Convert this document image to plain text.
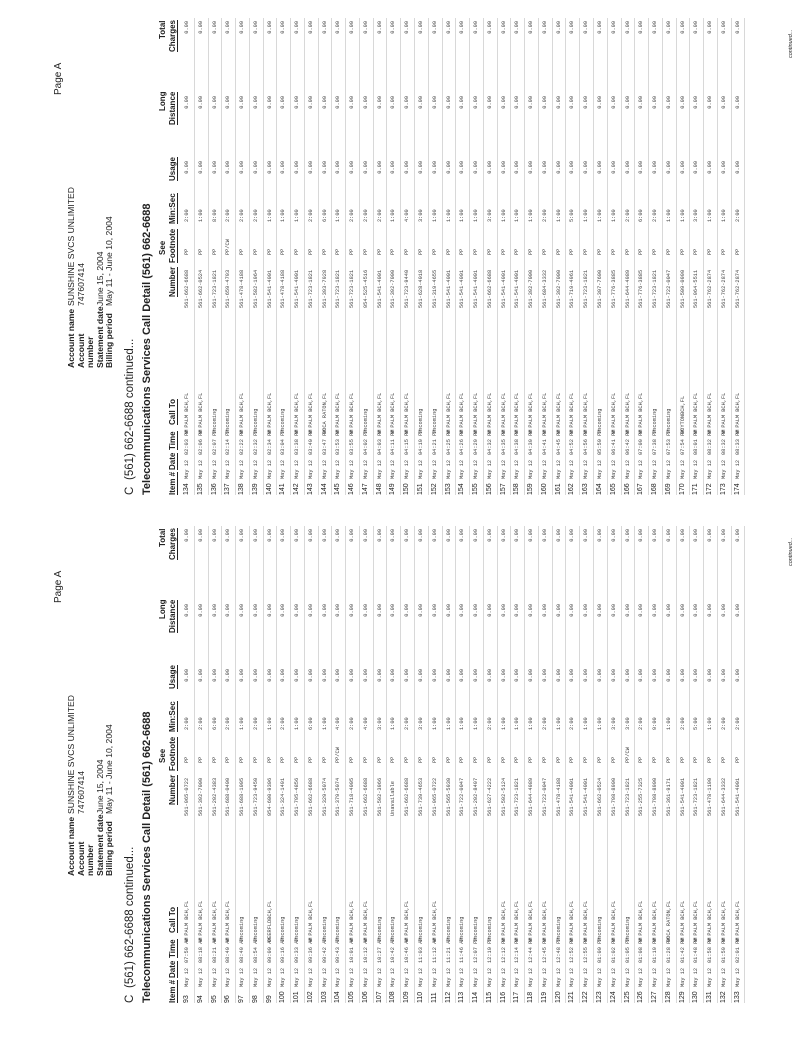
Page A
Account name
SUNSHINE SVCS UNLIMITED
Account number
747607414
Statement date
June 15, 2004
Billing period
May 11 - June 10, 2004
C(561) 662-6688 continued... Telecommunications Services Call Detail (561) 662-6688 See
Long
Total
Item #
Date
Time
Call To
Number
Footnote
Min:Sec
Usage
Distance
Charges
93
May 12
07:59 AM
W PALM BCH,FL
561-965-0722
PP
2:00
0.00
0.00
0.00
94
May 12
08:18 AM
W PALM BCH,FL
561-392-7000
PP
2:00
0.00
0.00
0.00
95
May 12
08:21 AM
W PALM BCH,FL
561-202-4383
PP
6:00
0.00
0.00
0.00
96
May 12
08:40 AM
W PALM BCH,FL
561-688-0400
PP
2:00
0.00
0.00
0.00
97
May 12
08:49 AM
Incoming
561-688-1005
PP
1:00
0.00
0.00
0.00
98
May 12
08:54 AM
Incoming
561-723-9450
PP
2:00
0.00
0.00
0.00
99
May 12
09:00 AM
DEERFLDBCH,FL
954-600-9306
PP
1:00
0.00
0.00
0.00
100
May 12
09:16 AM
Incoming
561-324-1491
PP
2:00
0.00
0.00
0.00
101
May 12
09:33 AM
Incoming
561-795-4856
PP
1:00
0.00
0.00
0.00
102
May 12
09:36 AM
W PALM BCH,FL
561-662-6688
PP
6:00
0.00
0.00
0.00
103
May 12
09:42 AM
Incoming
561-329-5074
PP
1:00
0.00
0.00
0.00
104
May 12
09:43 AM
Incoming
561-379-5074
PP/CW
4:00
0.00
0.00
0.00
105
May 12
10:01 AM
W PALM BCH,FL
561-718-4005
PP
2:00
0.00
0.00
0.00
106
May 12
10:12 AM
W PALM BCH,FL
561-662-6688
PP
4:00
0.00
0.00
0.00
107
May 12
10:27 AM
Incoming
561-502-3966
PP
3:00
0.00
0.00
0.00
108
May 12
10:42 AM
Incoming
Unavailable
PP
1:00
0.00
0.00
0.00
109
May 12
10:46 AM
W PALM BCH,FL
561-662-6688
PP
2:00
0.00
0.00
0.00
110
May 12
11:03 AM
Incoming
561-739-4653
PP
3:00
0.00
0.00
0.00
111
May 12
11:12 AM
W PALM BCH,FL
561-965-0722
PP
1:00
0.00
0.00
0.00
112
May 12
11:21 AM
Incoming
561-565-5930
PP
1:00
0.00
0.00
0.00
113
May 12
11:46 AM
Incoming
561-722-0047
PP
1:00
0.00
0.00
0.00
114
May 12
12:07 PM
Incoming
561-202-8497
PP
1:00
0.00
0.00
0.00
115
May 12
12:10 PM
Incoming
561-627-4222
PP
2:00
0.00
0.00
0.00
116
May 12
12:12 PM
W PALM BCH,FL
561-502-5124
PP
1:00
0.00
0.00
0.00
117
May 12
12:14 PM
W PALM BCH,FL
561-723-1821
PP
1:00
0.00
0.00
0.00
118
May 12
12:44 PM
W PALM BCH,FL
561-644-4989
PP
1:00
0.00
0.00
0.00
119
May 12
12:45 PM
W PALM BCH,FL
561-722-0047
PP
2:00
0.00
0.00
0.00
120
May 12
12:48 PM
Incoming
561-478-4188
PP
1:00
0.00
0.00
0.00
121
May 12
12:52 PM
W PALM BCH,FL
561-541-4001
PP
2:00
0.00
0.00
0.00
122
May 12
12:55 PM
W PALM BCH,FL
561-541-4001
PP
1:00
0.00
0.00
0.00
123
May 12
01:00 PM
Incoming
561-662-0524
PP
1:00
0.00
0.00
0.00
124
May 12
01:02 PM
W PALM BCH,FL
561-798-8900
PP
3:00
0.00
0.00
0.00
125
May 12
01:05 PM
Incoming
561-723-1821
PP/CW
3:00
0.00
0.00
0.00
126
May 12
01:08 PM
W PALM BCH,FL
561-255-7325
PP
2:00
0.00
0.00
0.00
127
May 12
01:19 PM
W PALM BCH,FL
561-798-8900
PP
9:00
0.00
0.00
0.00
128
May 12
01:28 PM
BOCA RATON,FL
561-361-9171
PP
1:00
0.00
0.00
0.00
129
May 12
01:42 PM
W PALM BCH,FL
561-541-4001
PP
2:00
0.00
0.00
0.00
130
May 12
01:48 PM
W PALM BCH,FL
561-723-1821
PP
5:00
0.00
0.00
0.00
131
May 12
01:58 PM
W PALM BCH,FL
561-478-1190
PP
1:00
0.00
0.00
0.00
132
May 12
01:59 PM
W PALM BCH,FL
561-644-3332
PP
2:00
0.00
0.00
0.00
133
May 12
02:01 PM
W PALM BCH,FL
561-541-4001
PP
2:00
0.00
0.00
0.00
continued...
Page A
Account name
SUNSHINE SVCS UNLIMITED
Account number
747607414
Statement date
June 15, 2004
Billing period
May 11 - June 10, 2004
C(561) 662-6688 continued... Telecommunications Services Call Detail (561) 662-6688 See
Long
Total
Item #
Date
Time
Call To
Number
Footnote
Min:Sec
Usage
Distance
Charges
134
May 12
02:03 PM
W PALM BCH,FL
561-662-6688
PP
2:00
0.00
0.00
0.00
135
May 12
02:06 PM
W PALM BCH,FL
561-662-0524
PP
1:00
0.00
0.00
0.00
136
May 12
02:07 PM
Incoming
561-723-1821
PP
8:00
0.00
0.00
0.00
137
May 12
02:14 PM
Incoming
561-659-4793
PP/CW
2:00
0.00
0.00
0.00
138
May 12
02:22 PM
W PALM BCH,FL
561-478-4188
PP
2:00
0.00
0.00
0.00
139
May 12
02:32 PM
Incoming
561-582-1964
PP
2:00
0.00
0.00
0.00
140
May 12
02:34 PM
W PALM BCH,FL
561-541-4001
PP
1:00
0.00
0.00
0.00
141
May 12
03:04 PM
Incoming
561-478-4188
PP
1:00
0.00
0.00
0.00
142
May 12
03:38 PM
W PALM BCH,FL
561-541-4001
PP
1:00
0.00
0.00
0.00
143
May 12
03:40 PM
W PALM BCH,FL
561-723-1821
PP
2:00
0.00
0.00
0.00
144
May 12
03:47 PM
BOCA RATON,FL
561-393-7928
PP
6:00
0.00
0.00
0.00
145
May 12
03:53 PM
W PALM BCH,FL
561-723-1821
PP
1:00
0.00
0.00
0.00
146
May 12
03:55 PM
W PALM BCH,FL
561-723-1821
PP
2:00
0.00
0.00
0.00
147
May 12
04:02 PM
Incoming
954-525-4516
PP
2:00
0.00
0.00
0.00
148
May 12
04:03 PM
W PALM BCH,FL
561-541-4001
PP
2:00
0.00
0.00
0.00
149
May 12
04:11 PM
W PALM BCH,FL
561-392-7000
PP
1:00
0.00
0.00
0.00
150
May 12
04:15 PM
W PALM BCH,FL
561-723-9440
PP
4:00
0.00
0.00
0.00
151
May 12
04:19 PM
Incoming
561-628-4018
PP
3:00
0.00
0.00
0.00
152
May 12
04:21 PM
Incoming
561-319-4655
PP
1:00
0.00
0.00
0.00
153
May 12
04:25 PM
W PALM BCH,FL
561-541-4001
PP
1:00
0.00
0.00
0.00
154
May 12
04:26 PM
W PALM BCH,FL
561-541-4001
PP
1:00
0.00
0.00
0.00
155
May 12
04:29 PM
W PALM BCH,FL
561-541-4001
PP
1:00
0.00
0.00
0.00
156
May 12
04:32 PM
W PALM BCH,FL
561-662-6688
PP
3:00
0.00
0.00
0.00
157
May 12
04:35 PM
W PALM BCH,FL
561-541-4001
PP
1:00
0.00
0.00
0.00
158
May 12
04:38 PM
W PALM BCH,FL
561-541-4001
PP
1:00
0.00
0.00
0.00
159
May 12
04:39 PM
W PALM BCH,FL
561-392-7000
PP
1:00
0.00
0.00
0.00
160
May 12
04:41 PM
W PALM BCH,FL
561-684-3332
PP
2:00
0.00
0.00
0.00
161
May 12
04:45 PM
W PALM BCH,FL
561-392-7000
PP
1:00
0.00
0.00
0.00
162
May 12
04:52 PM
W PALM BCH,FL
561-719-4961
PP
5:00
0.00
0.00
0.00
163
May 12
04:56 PM
W PALM BCH,FL
561-723-1821
PP
1:00
0.00
0.00
0.00
164
May 12
05:50 PM
Incoming
561-307-7600
PP
1:00
0.00
0.00
0.00
165
May 12
06:41 PM
W PALM BCH,FL
561-776-3885
PP
1:00
0.00
0.00
0.00
166
May 12
06:42 PM
W PALM BCH,FL
561-644-4989
PP
2:00
0.00
0.00
0.00
167
May 12
07:09 PM
W PALM BCH,FL
561-776-3885
PP
6:00
0.00
0.00
0.00
168
May 12
07:38 PM
Incoming
561-723-1821
PP
2:00
0.00
0.00
0.00
169
May 12
07:53 PM
Incoming
561-722-0047
PP
1:00
0.00
0.00
0.00
170
May 12
07:54 PM
BOYTONBCH,FL
561-509-0990
PP
1:00
0.00
0.00
0.00
171
May 12
08:01 PM
W PALM BCH,FL
561-964-5511
PP
3:00
0.00
0.00
0.00
172
May 12
08:32 PM
W PALM BCH,FL
561-762-2874
PP
1:00
0.00
0.00
0.00
173
May 12
08:32 PM
W PALM BCH,FL
561-762-2874
PP
1:00
0.00
0.00
0.00
174
May 12
08:33 PM
W PALM BCH,FL
561-762-2874
PP
2:00
0.00
0.00
0.00
continued...
